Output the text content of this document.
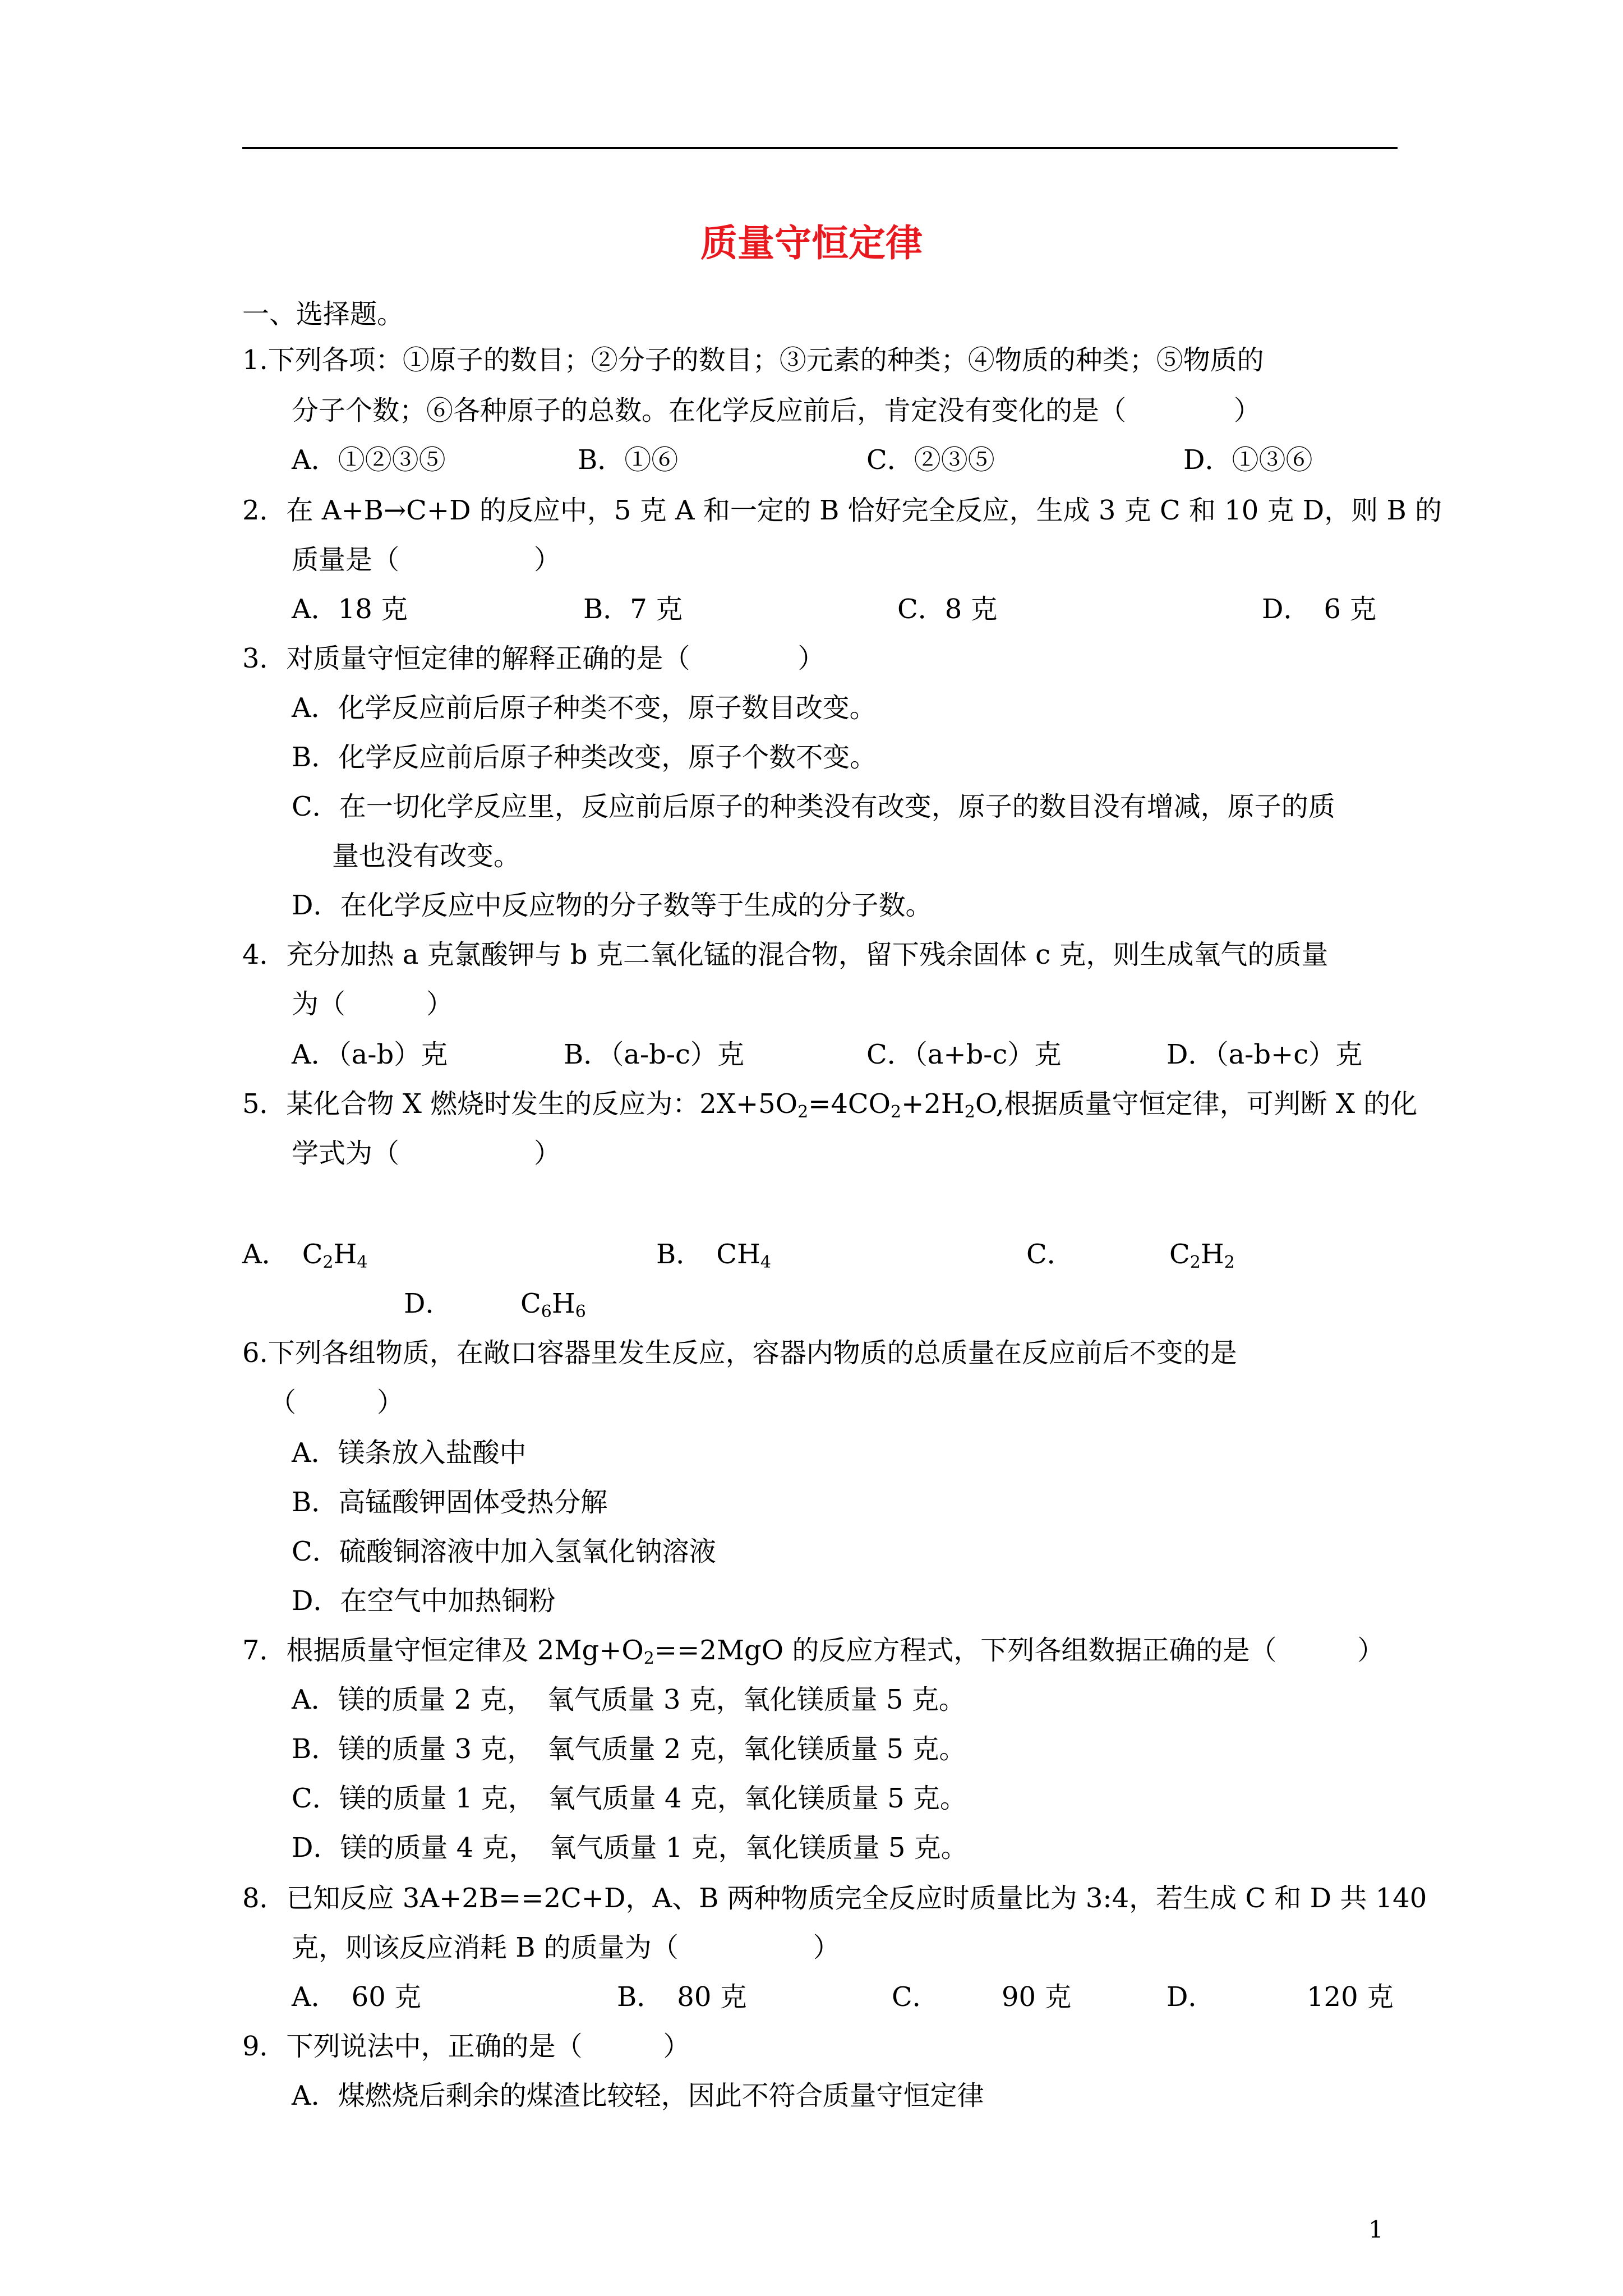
质量守恒定律
一、选择题。
1.下列各项：①原子的数目；②分子的数目；③元素的种类；④物质的种类；⑤物质的
分子个数；⑥各种原子的总数。在化学反应前后，肯定没有变化的是（　　　　）
A．①②③⑤	B．①⑥	C．②③⑤	D．①③⑥
2．在 A+B→C+D 的反应中，5 克 A 和一定的 B 恰好完全反应，生成 3 克 C 和 10 克 D，则 B 的
质量是（　　　　　）
A．18 克	B．7 克	C．8 克	D．　6 克
3．对质量守恒定律的解释正确的是（　　　　）
A．化学反应前后原子种类不变，原子数目改变。
B．化学反应前后原子种类改变，原子个数不变。
C．在一切化学反应里，反应前后原子的种类没有改变，原子的数目没有增减，原子的质
量也没有改变。
D．在化学反应中反应物的分子数等于生成的分子数。
4．充分加热 a 克氯酸钾与 b 克二氧化锰的混合物，留下残余固体 c 克，则生成氧气的质量
为（　　　）
A．（a-b）克	B．（a-b-c）克	C．（a+b-c）克	D．（a-b+c）克
5．某化合物 X 燃烧时发生的反应为：$2X+5O_2=4CO_2+2H_2O$,根据质量守恒定律，可判断 X 的化
学式为（　　　　　）
A．　 $C_2H_4$	B．　 $CH_4$	C．	$C_2H_2$
D．	$C_6H_6$
6.下列各组物质，在敞口容器里发生反应，容器内物质的总质量在反应前后不变的是
（　　　）
A．镁条放入盐酸中
B．高锰酸钾固体受热分解
C．硫酸铜溶液中加入氢氧化钠溶液
D．在空气中加热铜粉
7．根据质量守恒定律及 $2Mg+O_2==2MgO$ 的反应方程式，下列各组数据正确的是（　　　）
A．镁的质量 2 克，　氧气质量 3 克，氧化镁质量 5 克。
B．镁的质量 3 克，　氧气质量 2 克，氧化镁质量 5 克。
C．镁的质量 1 克，　氧气质量 4 克，氧化镁质量 5 克。
D．镁的质量 4 克，　氧气质量 1 克，氧化镁质量 5 克。
8．已知反应 3A+2B==2C+D，A、B 两种物质完全反应时质量比为 3:4，若生成 C 和 D 共 140
克，则该反应消耗 B 的质量为（　　　　　）
A．　60 克	B．　80 克	C． 90 克	D．	120 克
9．下列说法中，正确的是（　　　）
A．煤燃烧后剩余的煤渣比较轻，因此不符合质量守恒定律
1
